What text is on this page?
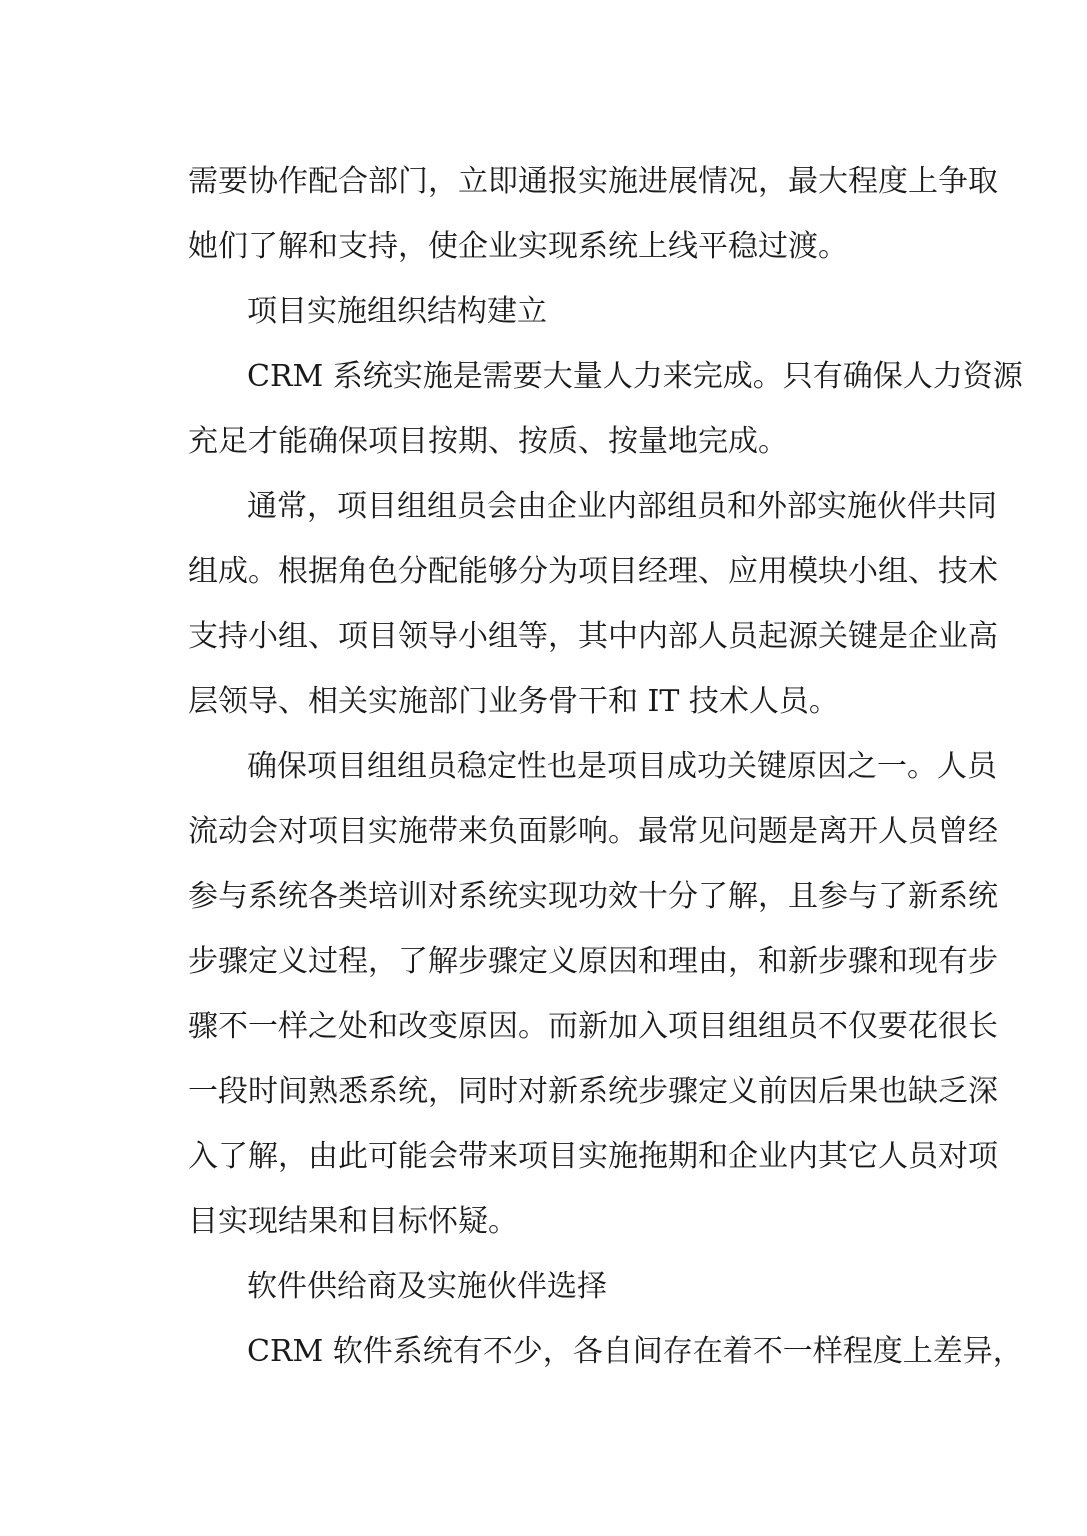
需要协作配合部门，立即通报实施进展情况，最大程度上争取
她们了解和支持，使企业实现系统上线平稳过渡。
项目实施组织结构建立
CRM 系统实施是需要大量人力来完成。只有确保人力资源
充足才能确保项目按期、按质、按量地完成。
通常，项目组组员会由企业内部组员和外部实施伙伴共同
组成。根据角色分配能够分为项目经理、应用模块小组、技术
支持小组、项目领导小组等，其中内部人员起源关键是企业高
层领导、相关实施部门业务骨干和 IT 技术人员。
确保项目组组员稳定性也是项目成功关键原因之一。人员
流动会对项目实施带来负面影响。最常见问题是离开人员曾经
参与系统各类培训对系统实现功效十分了解，且参与了新系统
步骤定义过程，了解步骤定义原因和理由，和新步骤和现有步
骤不一样之处和改变原因。而新加入项目组组员不仅要花很长
一段时间熟悉系统，同时对新系统步骤定义前因后果也缺乏深
入了解，由此可能会带来项目实施拖期和企业内其它人员对项
目实现结果和目标怀疑。
软件供给商及实施伙伴选择
CRM 软件系统有不少，各自间存在着不一样程度上差异，
